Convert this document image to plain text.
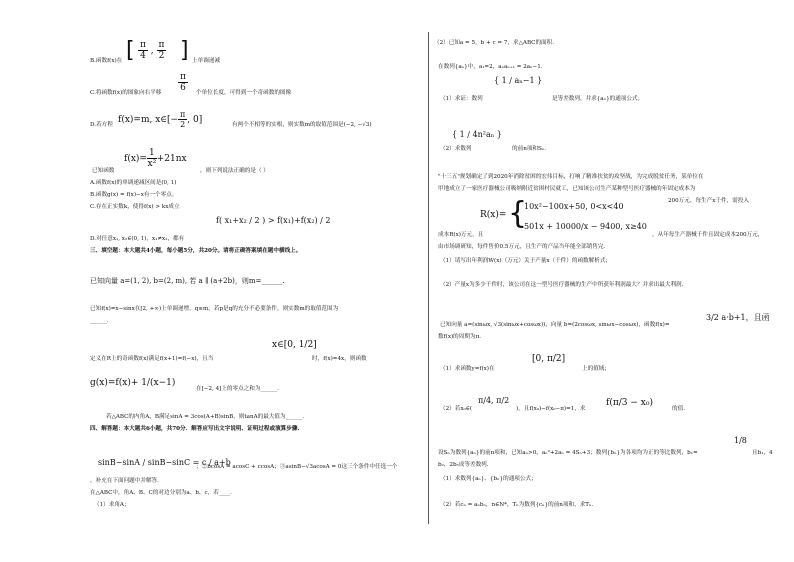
B.函数f(x)在 [ $\frac{\pi}{4}$ , $\frac{\pi}{2}$ ] 上单调递减
C.将函数f(x)的图象向右平移 $\frac{\pi}{6}$ 个单位长度，可得到一个奇函数的图像
f(x)=m, x∈[− $\frac{\pi}{2}$ , 0]
D.若方程	有两个不相等的实根，则实数m的取值范围是(−2, −√3)
$f(x)= \frac{1}{\text{x²}} +21nx$
已知函数	，则下列说法正确的是（ ）
A.函数f(x)的单调递减区间是(0, 1)
B.函数g(x) = f(x)−x有一个零点。
C.存在正实数k，使得f(x) > kx成立
D.对任意x₁, x₂∈(0, 1)，x₁≠x₂，都有
f( x₁+x₂ / 2 ) > f(x₁)+f(x₂) / 2
三、填空题：本大题共4小题，每小题5分，共20分。请将正确答案填在题中横线上。
已知向量 a=(1, 2), b=(2, m), 若 a ∥ (a+2b)，则m=______.
已知f(x)=x−sinx在[2, +∞)上单调递增，q≤m，若p是q的充分不必要条件，则实数m的取值范围为
______.
x∈[0, 1/2]
定义在R上的奇函数f(x)满足f(x+1)=f(−x)，且当	时，f(x)=4x，则函数
g(x)=f(x)+ 1/(x−1)
在[−2, 4]上的零点之和为______.
若△ABC的内角A、B满足sinA = 3cos(A+B)sinB，则tanA的最大值为______.
四、解答题：本大题共6小题，共70分．解答应写出文字说明、证明过程或演算步骤.
sinB−sinA / sinB−sinC = c / a+b
；②bcosA = acosC + ccosA；③asinB−√3acosA = 0这三个条件中任选一个
，补充在下面问题中并解答.
在△ABC中，角A、B、C的对边分别为a、b、c，若____.
（1）求角A；
（2）已知a = 5，b + c = 7，求△ABC的面积.
在数列{aₙ}中，a₁=2，aₙaₙ₊₁ = 2aₙ−1.
{ 1 / aₙ−1 }
（1）求证：数列	是等差数列，并求{aₙ}的通项公式；
{ 1 / 4n²aₙ }
（2）求数列	的前n项和Sₙ.
"十三五"规划确定了到2020年消除贫困的宏伟目标，打响了精准扶贫的攻坚战，为完成脱贫任务，某单位在
甲地成立了一家医疗器械公司吸纳附近贫困村民就工，已知该公司生产某种型号医疗器械的年固定成本为
200万元，每生产x千件，需投入
R(x)= {
10x²−100x+50, 0<x<40
501x + 10000/x − 9400, x≥40
成本R(x)万元，且	，从年每生产器械千件且固定成本200万元，
由市场调研知，每件售价0.5万元，且生产的产品当年能全部销售完.
（1）请写出年利润W(x)（万元）关于产量x（千件）的函数解析式；
（2）产量x为多少千件时，该公司在这一型号医疗器械的生产中所获年利润最大？并求出最大利润.
已知向量 a=(sinωx, √3(sinωx+cosωx))，向量 b=(2cosωx, sinωx−cosωx)，函数f(x)=
3/2 a·b+1，且函
数f(x)的周期为π.
[0, π/2]
（1）求函数y=f(x)在	上的值域；
（2）若x₀∈(
π/4, π/2
)，且f(x₀)−f(x₀−π)=1，求
f(π/3 − x₀)
的值.
设Sₙ为数列{aₙ}的前n项和，已知aₙ>0，aₙ²+2aₙ = 4Sₙ+3；数列{bₙ}为各项均为正的等比数列，b₁=
1/8
且b₁，4
b₂，2b₃成等差数列.
（1）求数列{aₙ}、{bₙ}的通项公式；
（2）若cₙ = aₙbₙ，n∈N*，Tₙ为数列{cₙ}的前n项和，求Tₙ.
